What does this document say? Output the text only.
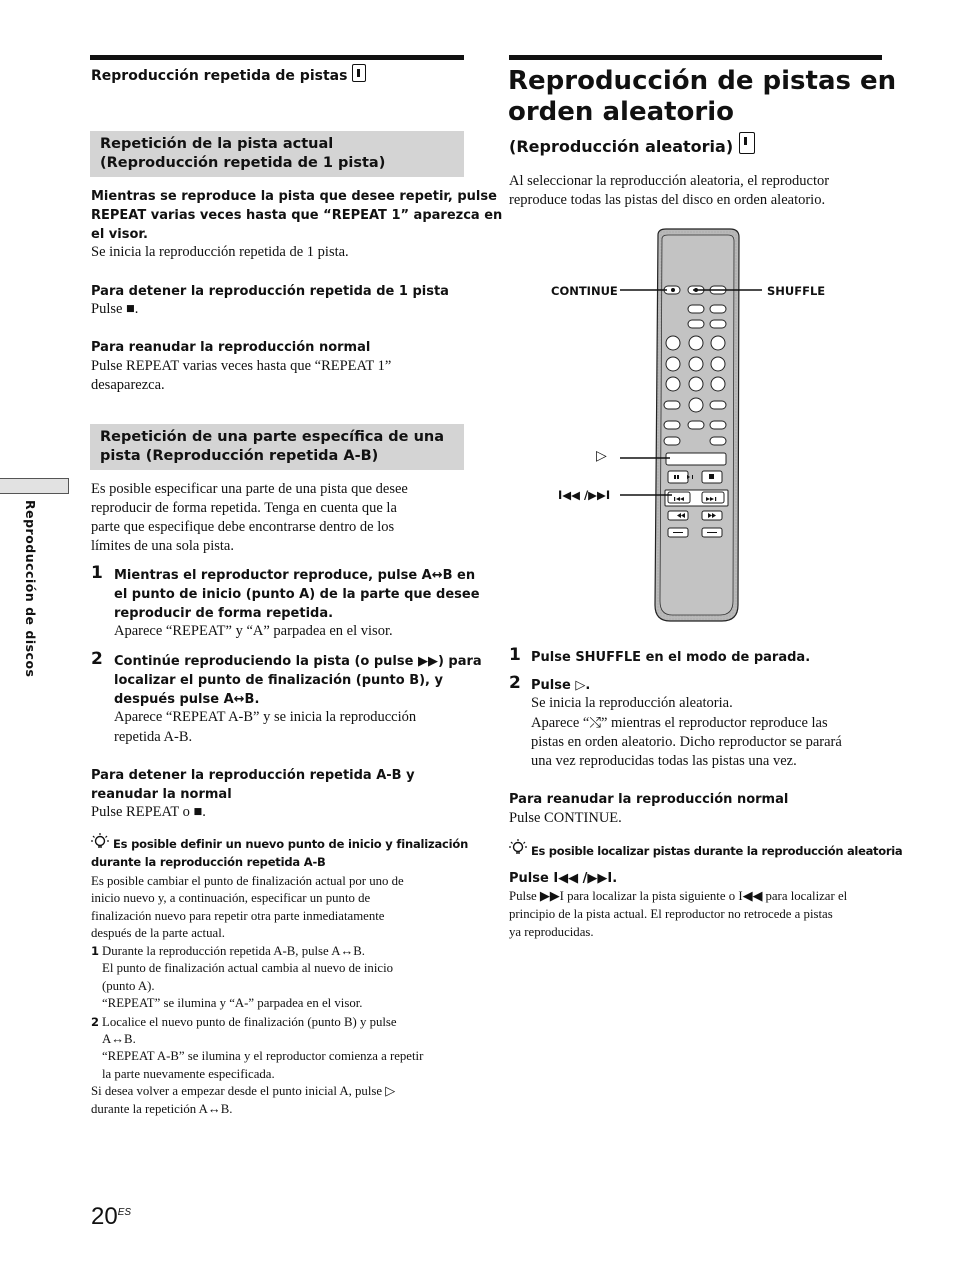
Reproducción repetida de pistas
Repetición de la pista actual
(Reproducción repetida de 1 pista)
Mientras se reproduce la pista que desee repetir, pulse
REPEAT varias veces hasta que “REPEAT 1” aparezca en
el visor.
Se inicia la reproducción repetida de 1 pista.
Para detener la reproducción repetida de 1 pista
Pulse ■.
Para reanudar la reproducción normal
Pulse REPEAT varias veces hasta que “REPEAT 1”
desaparezca.
Repetición de una parte específica de una
pista (Reproducción repetida A-B)
Es posible especificar una parte de una pista que desee
reproducir de forma repetida. Tenga en cuenta que la
parte que especifique debe encontrarse dentro de los
límites de una sola pista.
1 Mientras el reproductor reproduce, pulse A↔B en
el punto de inicio (punto A) de la parte que desee
reproducir de forma repetida.
Aparece “REPEAT” y “A” parpadea en el visor.
2 Continúe reproduciendo la pista (o pulse ▶▶) para
localizar el punto de finalización (punto B), y
después pulse A↔B.
Aparece “REPEAT A-B” y se inicia la reproducción
repetida A-B.
Para detener la reproducción repetida A-B y
reanudar la normal
Pulse REPEAT o ■.
Es posible definir un nuevo punto de inicio y finalización
durante la reproducción repetida A-B
Es posible cambiar el punto de finalización actual por uno de
inicio nuevo y, a continuación, especificar un punto de
finalización nuevo para repetir otra parte inmediatamente
después de la parte actual.
1 Durante la reproducción repetida A-B, pulse A↔B.
El punto de finalización actual cambia al nuevo de inicio
(punto A).
“REPEAT” se ilumina y “A-” parpadea en el visor.
2 Localice el nuevo punto de finalización (punto B) y pulse
A↔B.
“REPEAT A-B” se ilumina y el reproductor comienza a repetir
la parte nuevamente especificada.
Si desea volver a empezar desde el punto inicial A, pulse ▷
durante la repetición A↔B.
Reproducción de discos
$20^{ES}$
Reproducción de pistas en
orden aleatorio
(Reproducción aleatoria)
Al seleccionar la reproducción aleatoria, el reproductor
reproduce todas las pistas del disco en orden aleatorio.
CONTINUE	SHUFFLE
▷
I◀◀ /▶▶I
1 Pulse SHUFFLE en el modo de parada.
2 Pulse ▷.
Se inicia la reproducción aleatoria.
Aparece “⤭” mientras el reproductor reproduce las
pistas en orden aleatorio. Dicho reproductor se parará
una vez reproducidas todas las pistas una vez.
Para reanudar la reproducción normal
Pulse CONTINUE.
Es posible localizar pistas durante la reproducción aleatoria
Pulse I◀◀ /▶▶I.
Pulse ▶▶I para localizar la pista siguiente o I◀◀ para localizar el
principio de la pista actual. El reproductor no retrocede a pistas
ya reproducidas.
